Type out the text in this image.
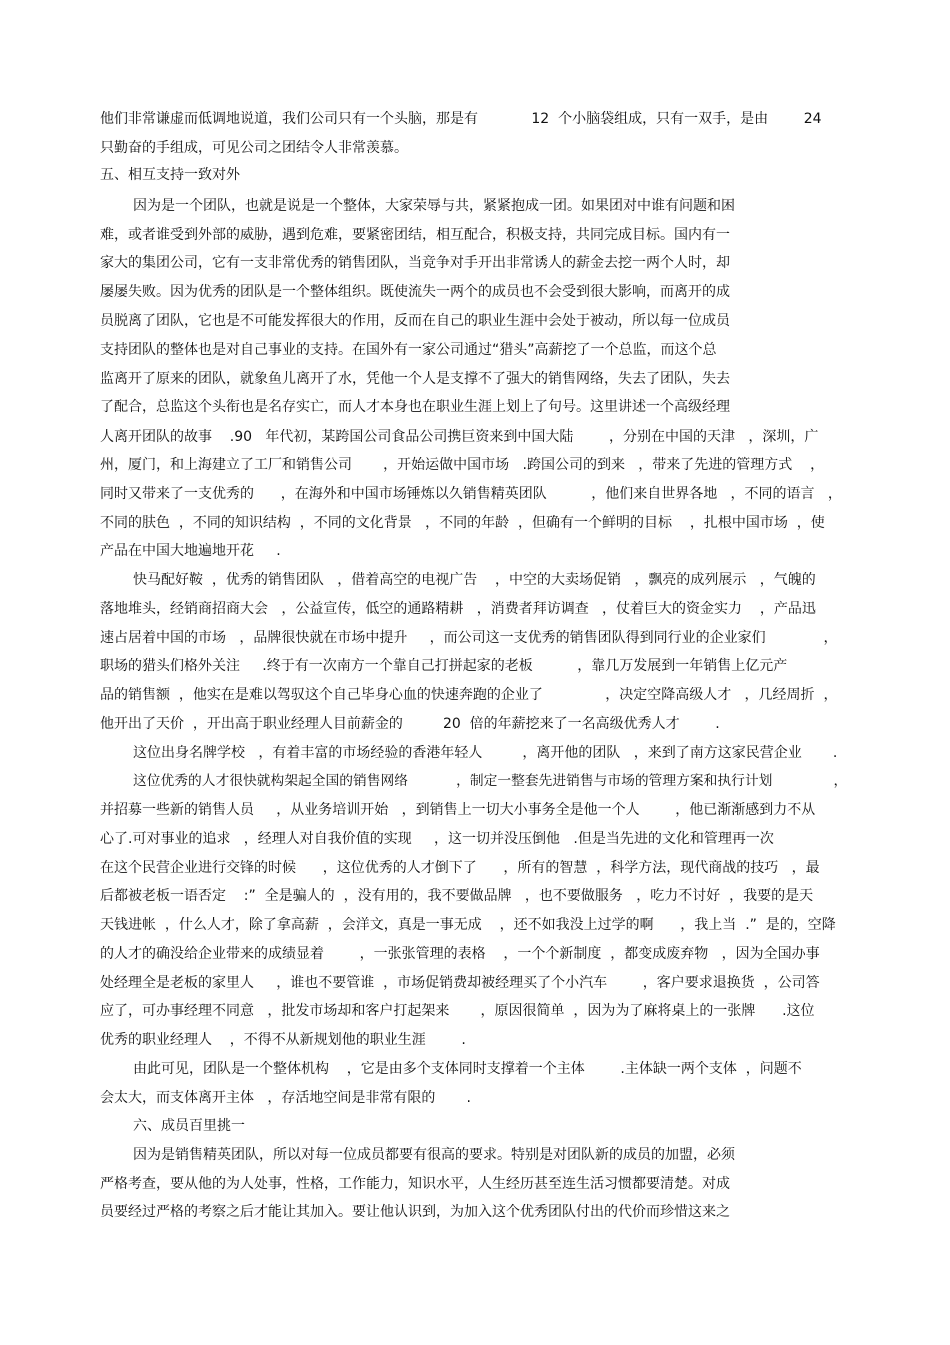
他们非常谦虚而低调地说道，我们公司只有一个头脑，那是有            12  个小脑袋组成，只有一双手，是由        24

只勤奋的手组成，可见公司之团结令人非常羡慕。

五、相互支持一致对外

因为是一个团队，也就是说是一个整体，大家荣辱与共，紧紧抱成一团。如果团对中谁有问题和困

难，或者谁受到外部的威胁，遇到危难，要紧密团结，相互配合，积极支持，共同完成目标。国内有一

家大的集团公司，它有一支非常优秀的销售团队，当竞争对手开出非常诱人的薪金去挖一两个人时，却

屡屡失败。因为优秀的团队是一个整体组织。既使流失一两个的成员也不会受到很大影响，而离开的成

员脱离了团队，它也是不可能发挥很大的作用，反而在自己的职业生涯中会处于被动，所以每一位成员

支持团队的整体也是对自己事业的支持。在国外有一家公司通过“猎头”高薪挖了一个总监，而这个总

监离开了原来的团队，就象鱼儿离开了水，凭他一个人是支撑不了强大的销售网络，失去了团队，失去

了配合，总监这个头衔也是名存实亡，而人才本身也在职业生涯上划上了句号。这里讲述一个高级经理

人离开团队的故事    .90   年代初，某跨国公司食品公司携巨资来到中国大陆        ，分别在中国的天津   ，深圳，广

州，厦门，和上海建立了工厂和销售公司       ，开始运做中国市场   .跨国公司的到来   ，带来了先进的管理方式    ，

同时又带来了一支优秀的      ，在海外和中国市场锤炼以久销售精英团队          ，他们来自世界各地   ，不同的语言   ，

不同的肤色  ，不同的知识结构  ，不同的文化背景   ，不同的年龄  ，但确有一个鲜明的目标    ，扎根中国市场  ，使

产品在中国大地遍地开花     .

快马配好鞍  ，优秀的销售团队   ，借着高空的电视广告    ，中空的大卖场促销   ，飘亮的成列展示   ，气魄的

落地堆头，经销商招商大会   ，公益宣传，低空的通路精耕   ，消费者拜访调查   ，仗着巨大的资金实力    ，产品迅

速占居着中国的市场   ，品牌很快就在市场中提升     ，而公司这一支优秀的销售团队得到同行业的企业家们             ，

职场的猎头们格外关注     .终于有一次南方一个靠自己打拼起家的老板          ，靠几万发展到一年销售上亿元产

品的销售额  ，他实在是难以驾驭这个自己毕身心血的快速奔跑的企业了              ，决定空降高级人才   ，几经周折  ，

他开出了天价  ，开出高于职业经理人目前薪金的         20  倍的年薪挖来了一名高级优秀人才        .

这位出身名牌学校   ，有着丰富的市场经验的香港年轻人         ，离开他的团队   ，来到了南方这家民营企业       .

这位优秀的人才很快就构架起全国的销售网络           ，制定一整套先进销售与市场的管理方案和执行计划              ，

并招募一些新的销售人员     ，从业务培训开始   ，到销售上一切大小事务全是他一个人        ，他已渐渐感到力不从

心了.可对事业的追求   ，经理人对自我价值的实现     ，这一切并没压倒他   .但是当先进的文化和管理再一次

在这个民营企业进行交锋的时候      ，这位优秀的人才倒下了      ，所有的智慧  ，科学方法，现代商战的技巧   ，最

后都被老板一语否定    :”  全是骗人的  ，没有用的，我不要做品牌   ，也不要做服务   ，吃力不讨好  ，我要的是天

天钱进帐  ，什么人才，除了拿高薪  ，会洋文，真是一事无成    ，还不如我没上过学的啊      ，我上当  .”  是的，空降

的人才的确没给企业带来的成绩显着        ，一张张管理的表格    ，一个个新制度  ，都变成废弃物   ，因为全国办事

处经理全是老板的家里人     ，谁也不要管谁  ，市场促销费却被经理买了个小汽车        ，客户要求退换货  ，公司答

应了，可办事经理不同意   ，批发市场却和客户打起架来       ，原因很简单  ，因为为了麻将桌上的一张牌      .这位

优秀的职业经理人    ，不得不从新规划他的职业生涯        .

由此可见，团队是一个整体机构    ，它是由多个支体同时支撑着一个主体        .主体缺一两个支体  ，问题不

会太大，而支体离开主体   ，存活地空间是非常有限的       .

六、成员百里挑一

因为是销售精英团队，所以对每一位成员都要有很高的要求。特别是对团队新的成员的加盟，必须

严格考查，要从他的为人处事，性格，工作能力，知识水平，人生经历甚至连生活习惯都要清楚。对成

员要经过严格的考察之后才能让其加入。要让他认识到，为加入这个优秀团队付出的代价而珍惜这来之
